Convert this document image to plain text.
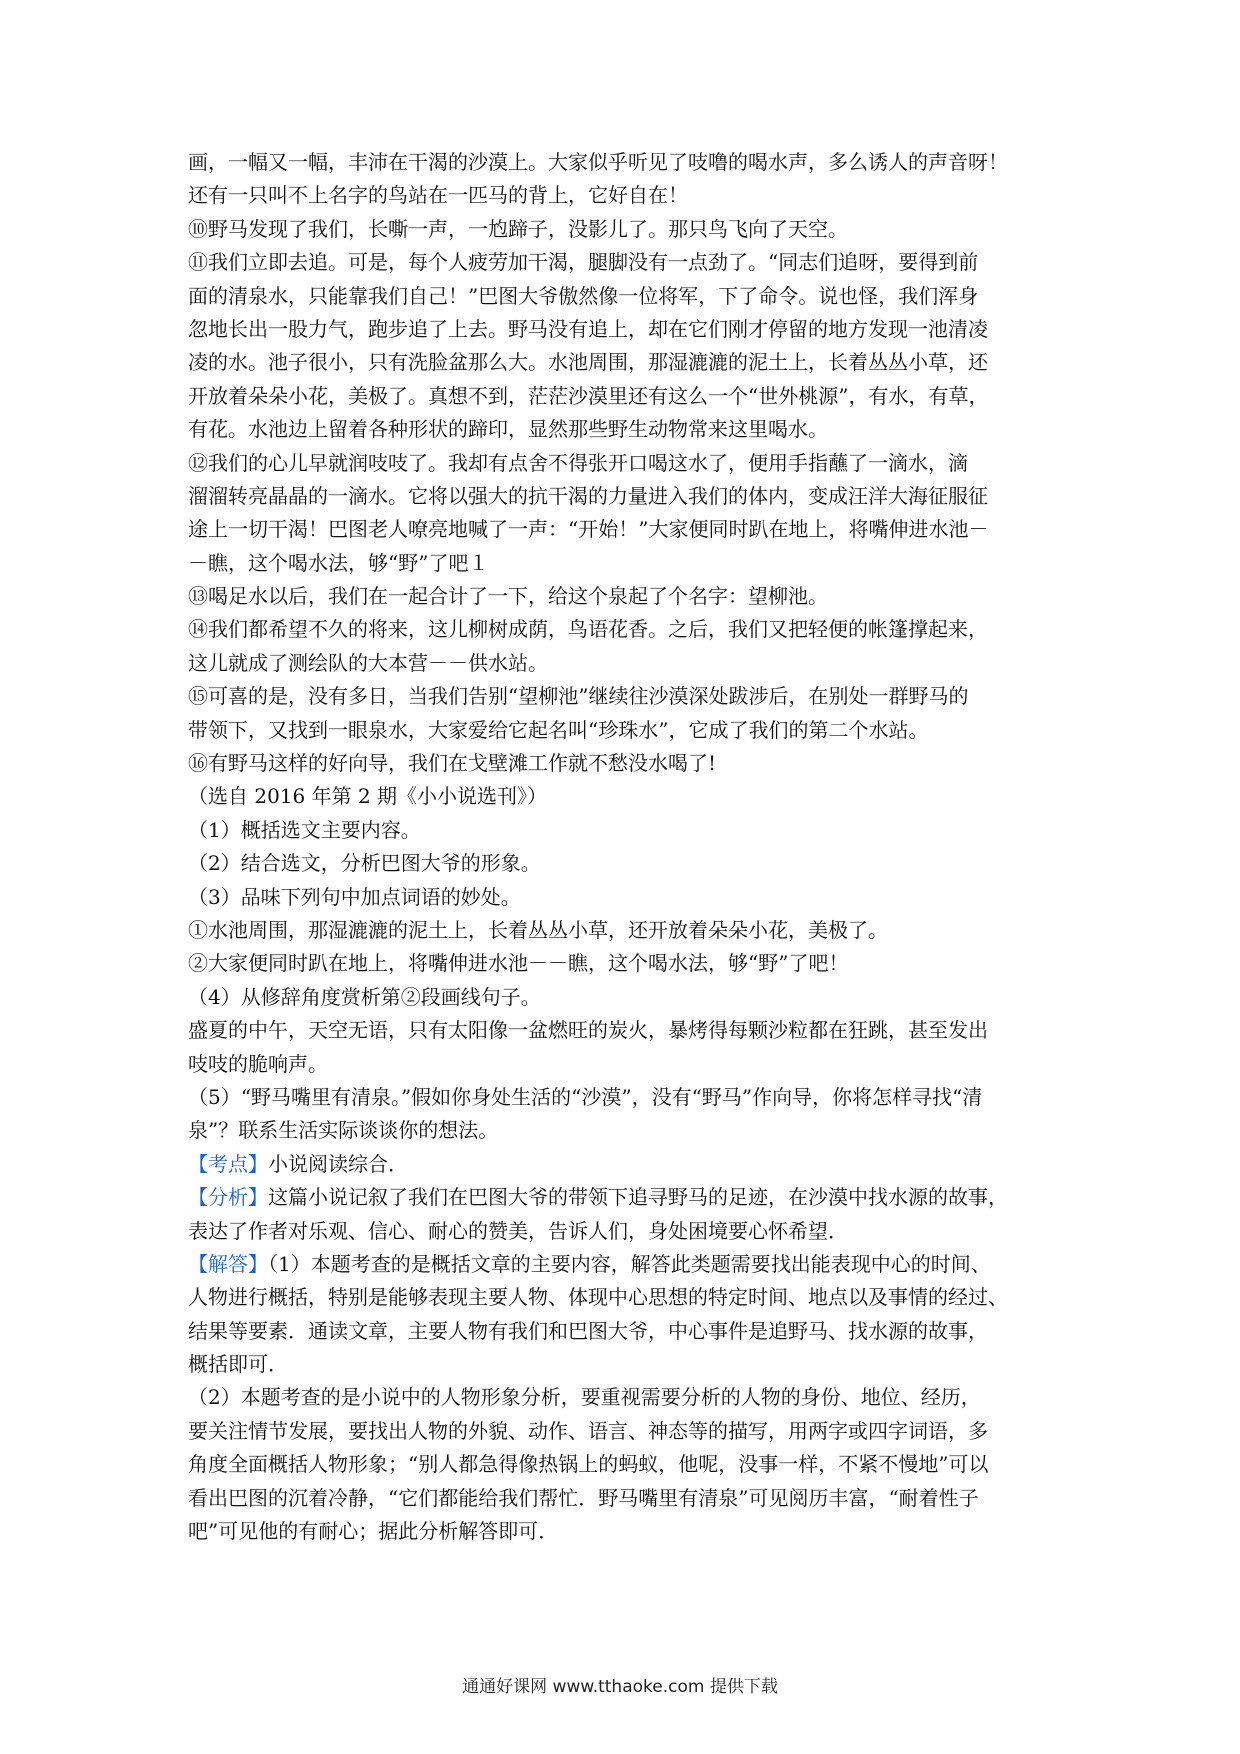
画，一幅又一幅，丰沛在干渴的沙漠上。大家似乎听见了吱噜的喝水声，多么诱人的声音呀！
还有一只叫不上名字的鸟站在一匹马的背上，它好自在！
⑩野马发现了我们，长嘶一声，一尥蹄子，没影儿了。那只鸟飞向了天空。
⑪我们立即去追。可是，每个人疲劳加干渴，腿脚没有一点劲了。“同志们追呀，要得到前
面的清泉水，只能靠我们自己！”巴图大爷傲然像一位将军，下了命令。说也怪，我们浑身
忽地长出一股力气，跑步追了上去。野马没有追上，却在它们刚才停留的地方发现一池清凌
凌的水。池子很小，只有洗脸盆那么大。水池周围，那湿漉漉的泥土上，长着丛丛小草，还
开放着朵朵小花，美极了。真想不到，茫茫沙漠里还有这么一个“世外桃源”，有水，有草，
有花。水池边上留着各种形状的蹄印，显然那些野生动物常来这里喝水。
⑫我们的心儿早就润吱吱了。我却有点舍不得张开口喝这水了，便用手指蘸了一滴水，滴
溜溜转亮晶晶的一滴水。它将以强大的抗干渴的力量进入我们的体内，变成汪洋大海征服征
途上一切干渴！巴图老人嘹亮地喊了一声：“开始！”大家便同时趴在地上，将嘴伸进水池－
－瞧，这个喝水法，够“野”了吧１
⑬喝足水以后，我们在一起合计了一下，给这个泉起了个名字：望柳池。
⑭我们都希望不久的将来，这儿柳树成荫，鸟语花香。之后，我们又把轻便的帐篷撑起来，
这儿就成了测绘队的大本营－－供水站。
⑮可喜的是，没有多日，当我们告别“望柳池”继续往沙漠深处跋涉后，在别处一群野马的
带领下，又找到一眼泉水，大家爱给它起名叫“珍珠水”，它成了我们的第二个水站。
⑯有野马这样的好向导，我们在戈壁滩工作就不愁没水喝了!
（选自 2016 年第 2 期《小小说选刊》）
（1）概括选文主要内容。
（2）结合选文，分析巴图大爷的形象。
（3）品味下列句中加点词语的妙处。
①水池周围，那湿漉漉的泥土上，长着丛丛小草，还开放着朵朵小花，美极了。
②大家便同时趴在地上，将嘴伸进水池－－瞧，这个喝水法，够“野”了吧！
（4）从修辞角度赏析第②段画线句子。
盛夏的中午，天空无语，只有太阳像一盆燃旺的炭火，暴烤得每颗沙粒都在狂跳，甚至发出
吱吱的脆响声。
（5）“野马嘴里有清泉。”假如你身处生活的“沙漠”，没有“野马”作向导，你将怎样寻找“清
泉”？联系生活实际谈谈你的想法。
【考点】小说阅读综合．
【分析】这篇小说记叙了我们在巴图大爷的带领下追寻野马的足迹，在沙漠中找水源的故事，
表达了作者对乐观、信心、耐心的赞美，告诉人们，身处困境要心怀希望．
【解答】（1）本题考查的是概括文章的主要内容，解答此类题需要找出能表现中心的时间、
人物进行概括，特别是能够表现主要人物、体现中心思想的特定时间、地点以及事情的经过、
结果等要素．通读文章，主要人物有我们和巴图大爷，中心事件是追野马、找水源的故事，
概括即可．
（2）本题考查的是小说中的人物形象分析，要重视需要分析的人物的身份、地位、经历，
要关注情节发展，要找出人物的外貌、动作、语言、神态等的描写，用两字或四字词语，多
角度全面概括人物形象；“别人都急得像热锅上的蚂蚁，他呢，没事一样，不紧不慢地”可以
看出巴图的沉着冷静，“它们都能给我们帮忙．野马嘴里有清泉”可见阅历丰富，“耐着性子
吧”可见他的有耐心；据此分析解答即可．
通通好课网 www.tthaoke.com 提供下载
